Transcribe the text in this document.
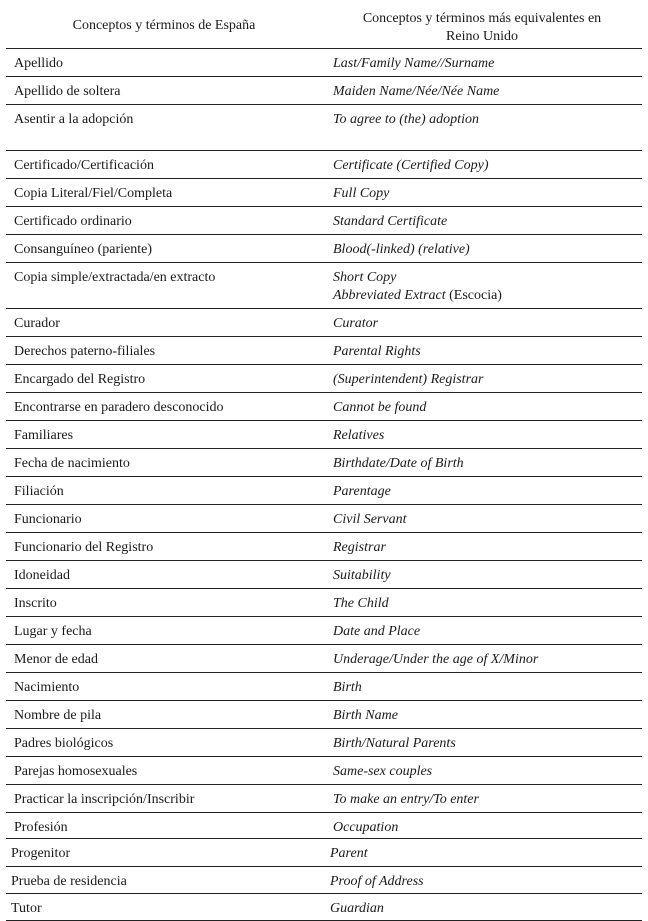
Conceptos y términos de España	Conceptos y términos más equivalentes en
Reino Unido
Apellido	Last/Family Name//Surname
Apellido de soltera	Maiden Name/Née/Née Name
Asentir a la adopción	To agree to (the) adoption
Certificado/Certificación	Certificate (Certified Copy)
Copia Literal/Fiel/Completa	Full Copy
Certificado ordinario	Standard Certificate
Consanguíneo (pariente)	Blood(-linked) (relative)
Copia simple/extractada/en extracto	Short Copy
Abbreviated Extract (Escocia)
Curador	Curator
Derechos paterno-filiales	Parental Rights
Encargado del Registro	(Superintendent) Registrar
Encontrarse en paradero desconocido	Cannot be found
Familiares	Relatives
Fecha de nacimiento	Birthdate/Date of Birth
Filiación	Parentage
Funcionario	Civil Servant
Funcionario del Registro	Registrar
Idoneidad	Suitability
Inscrito	The Child
Lugar y fecha	Date and Place
Menor de edad	Underage/Under the age of X/Minor
Nacimiento	Birth
Nombre de pila	Birth Name
Padres biológicos	Birth/Natural Parents
Parejas homosexuales	Same-sex couples
Practicar la inscripción/Inscribir	To make an entry/To enter
Profesión	Occupation
Progenitor	Parent
Prueba de residencia	Proof of Address
Tutor	Guardian
